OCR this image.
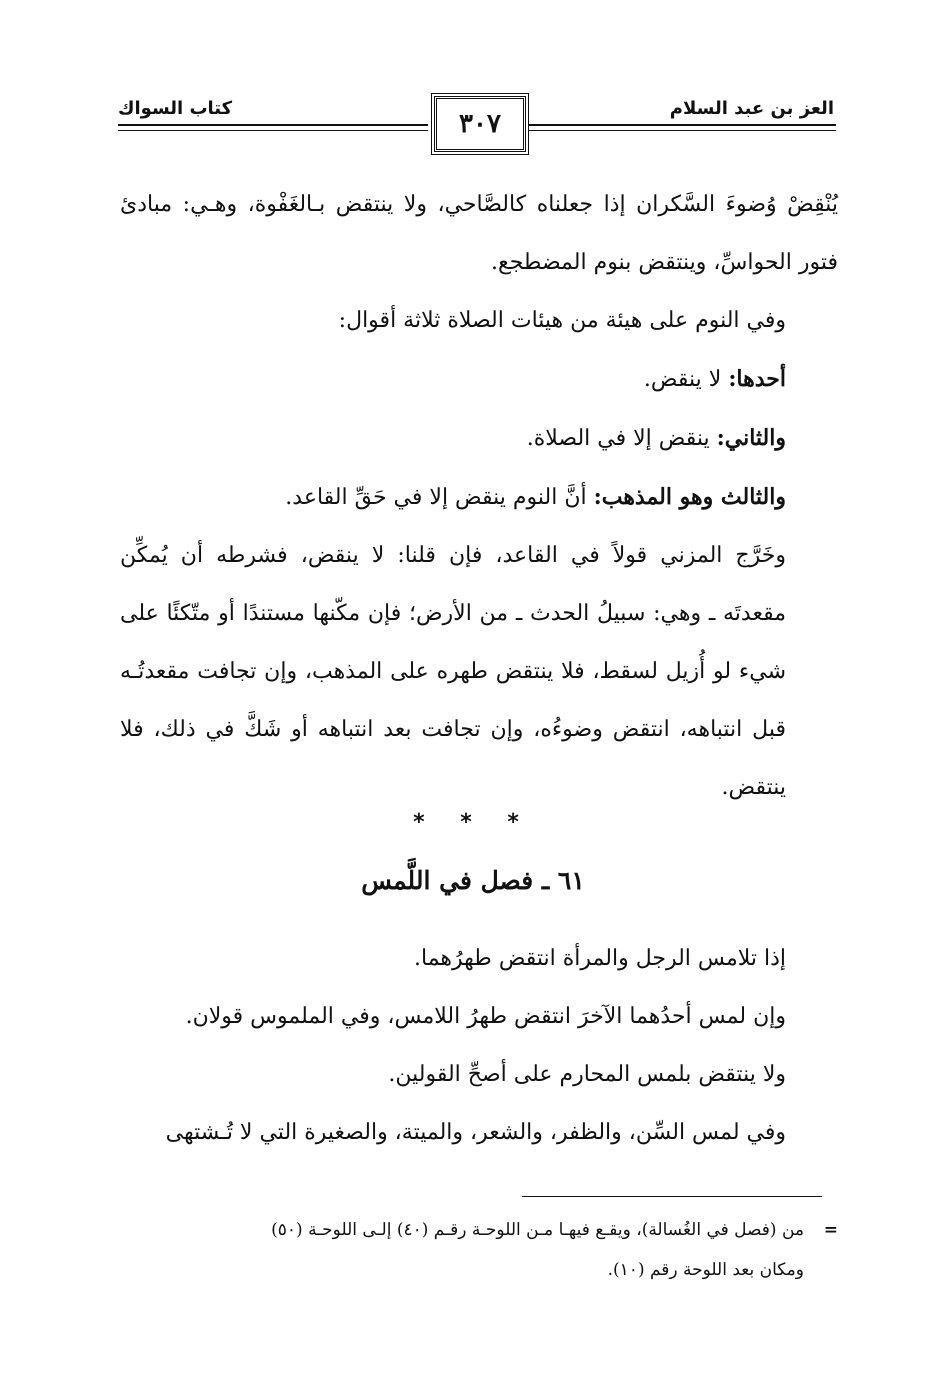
العز بن عبد السلام
كتاب السواك
٣٠٧

يُنْقِضْ وُضوءَ السَّكران إذا جعلناه كالصَّاحي، ولا ينتقض بـالغَفْوة، وهـي: مبادئ فتور الحواسِّ، وينتقض بنوم المضطجع.

وفي النوم على هيئة من هيئات الصلاة ثلاثة أقوال:

أحدها: لا ينقض.

والثاني: ينقض إلا في الصلاة.

والثالث وهو المذهب: أنَّ النوم ينقض إلا في حَقِّ القاعد.

وخَرَّج المزني قولاً في القاعد، فإن قلنا: لا ينقض، فشرطه أن يُمكِّن مقعدتَه ـ وهي: سبيلُ الحدث ـ من الأرض؛ فإن مكّنها مستندًا أو متّكئًا على شيء لو أُزيل لسقط، فلا ينتقض طهره على المذهب، وإن تجافت مقعدتُـه قبل انتباهه، انتقض وضوءُه، وإن تجافت بعد انتباهه أو شَكَّ في ذلك، فلا ينتقض.

* * *
٦١ ـ فصل في اللَّمس

إذا تلامس الرجل والمرأة انتقض طهرُهما.

وإن لمس أحدُهما الآخرَ انتقض طهرُ اللامس، وفي الملموس قولان.

ولا ينتقض بلمس المحارم على أصحِّ القولين.

وفي لمس السِّن، والظفر، والشعر، والميتة، والصغيرة التي لا تُـشتهى

=من (فصل في الغُسالة)، ويقـع فيهـا مـن اللوحـة رقـم (٤٠) إلـى اللوحـة (٥٠)
ومكان بعد اللوحة رقم (١٠).
